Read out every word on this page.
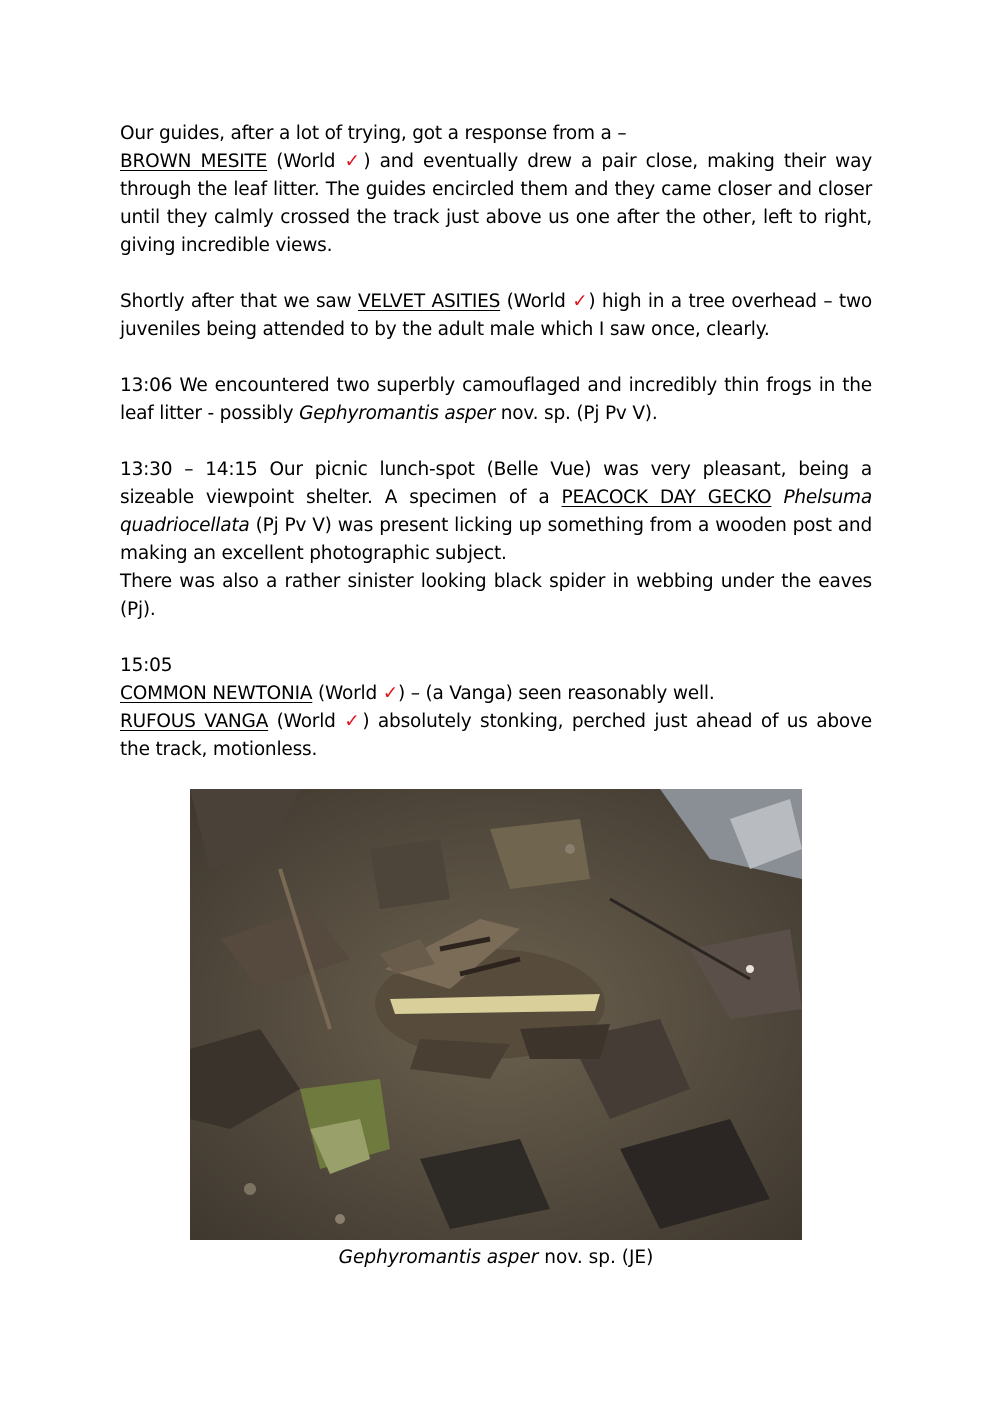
Our guides, after a lot of trying, got a response from a –
BROWN MESITE (World ✓) and eventually drew a pair close, making their way through the leaf litter. The guides encircled them and they came closer and closer until they calmly crossed the track just above us one after the other, left to right, giving incredible views.

Shortly after that we saw VELVET ASITIES (World ✓) high in a tree overhead – two juveniles being attended to by the adult male which I saw once, clearly.

13:06 We encountered two superbly camouflaged and incredibly thin frogs in the leaf litter - possibly Gephyromantis asper nov. sp. (Pj Pv V).

13:30 – 14:15 Our picnic lunch-spot (Belle Vue) was very pleasant, being a sizeable viewpoint shelter. A specimen of a PEACOCK DAY GECKO Phelsuma quadriocellata (Pj Pv V) was present licking up something from a wooden post and making an excellent photographic subject.
There was also a rather sinister looking black spider in webbing under the eaves (Pj).

15:05
COMMON NEWTONIA (World ✓) – (a Vanga) seen reasonably well.
RUFOUS VANGA (World ✓) absolutely stonking, perched just ahead of us above the track, motionless.

Gephyromantis asper nov. sp. (JE)
